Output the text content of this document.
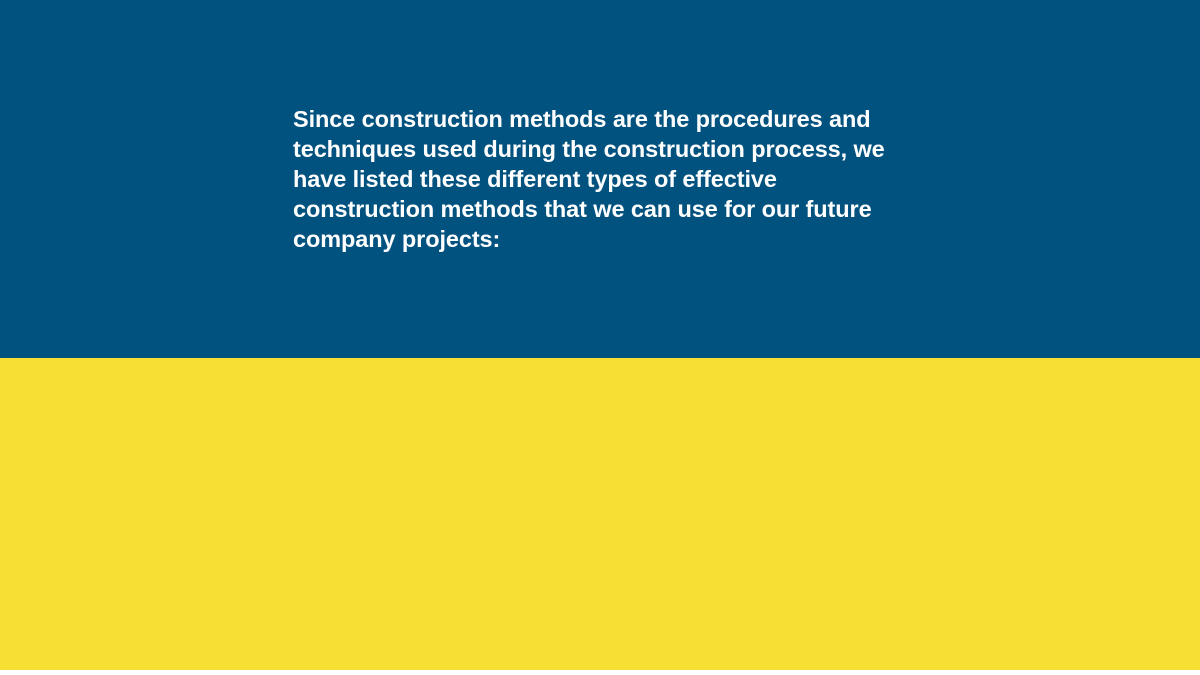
Since construction methods are the procedures and techniques used during the construction process, we have listed these different types of effective construction methods that we can use for our future company projects:
